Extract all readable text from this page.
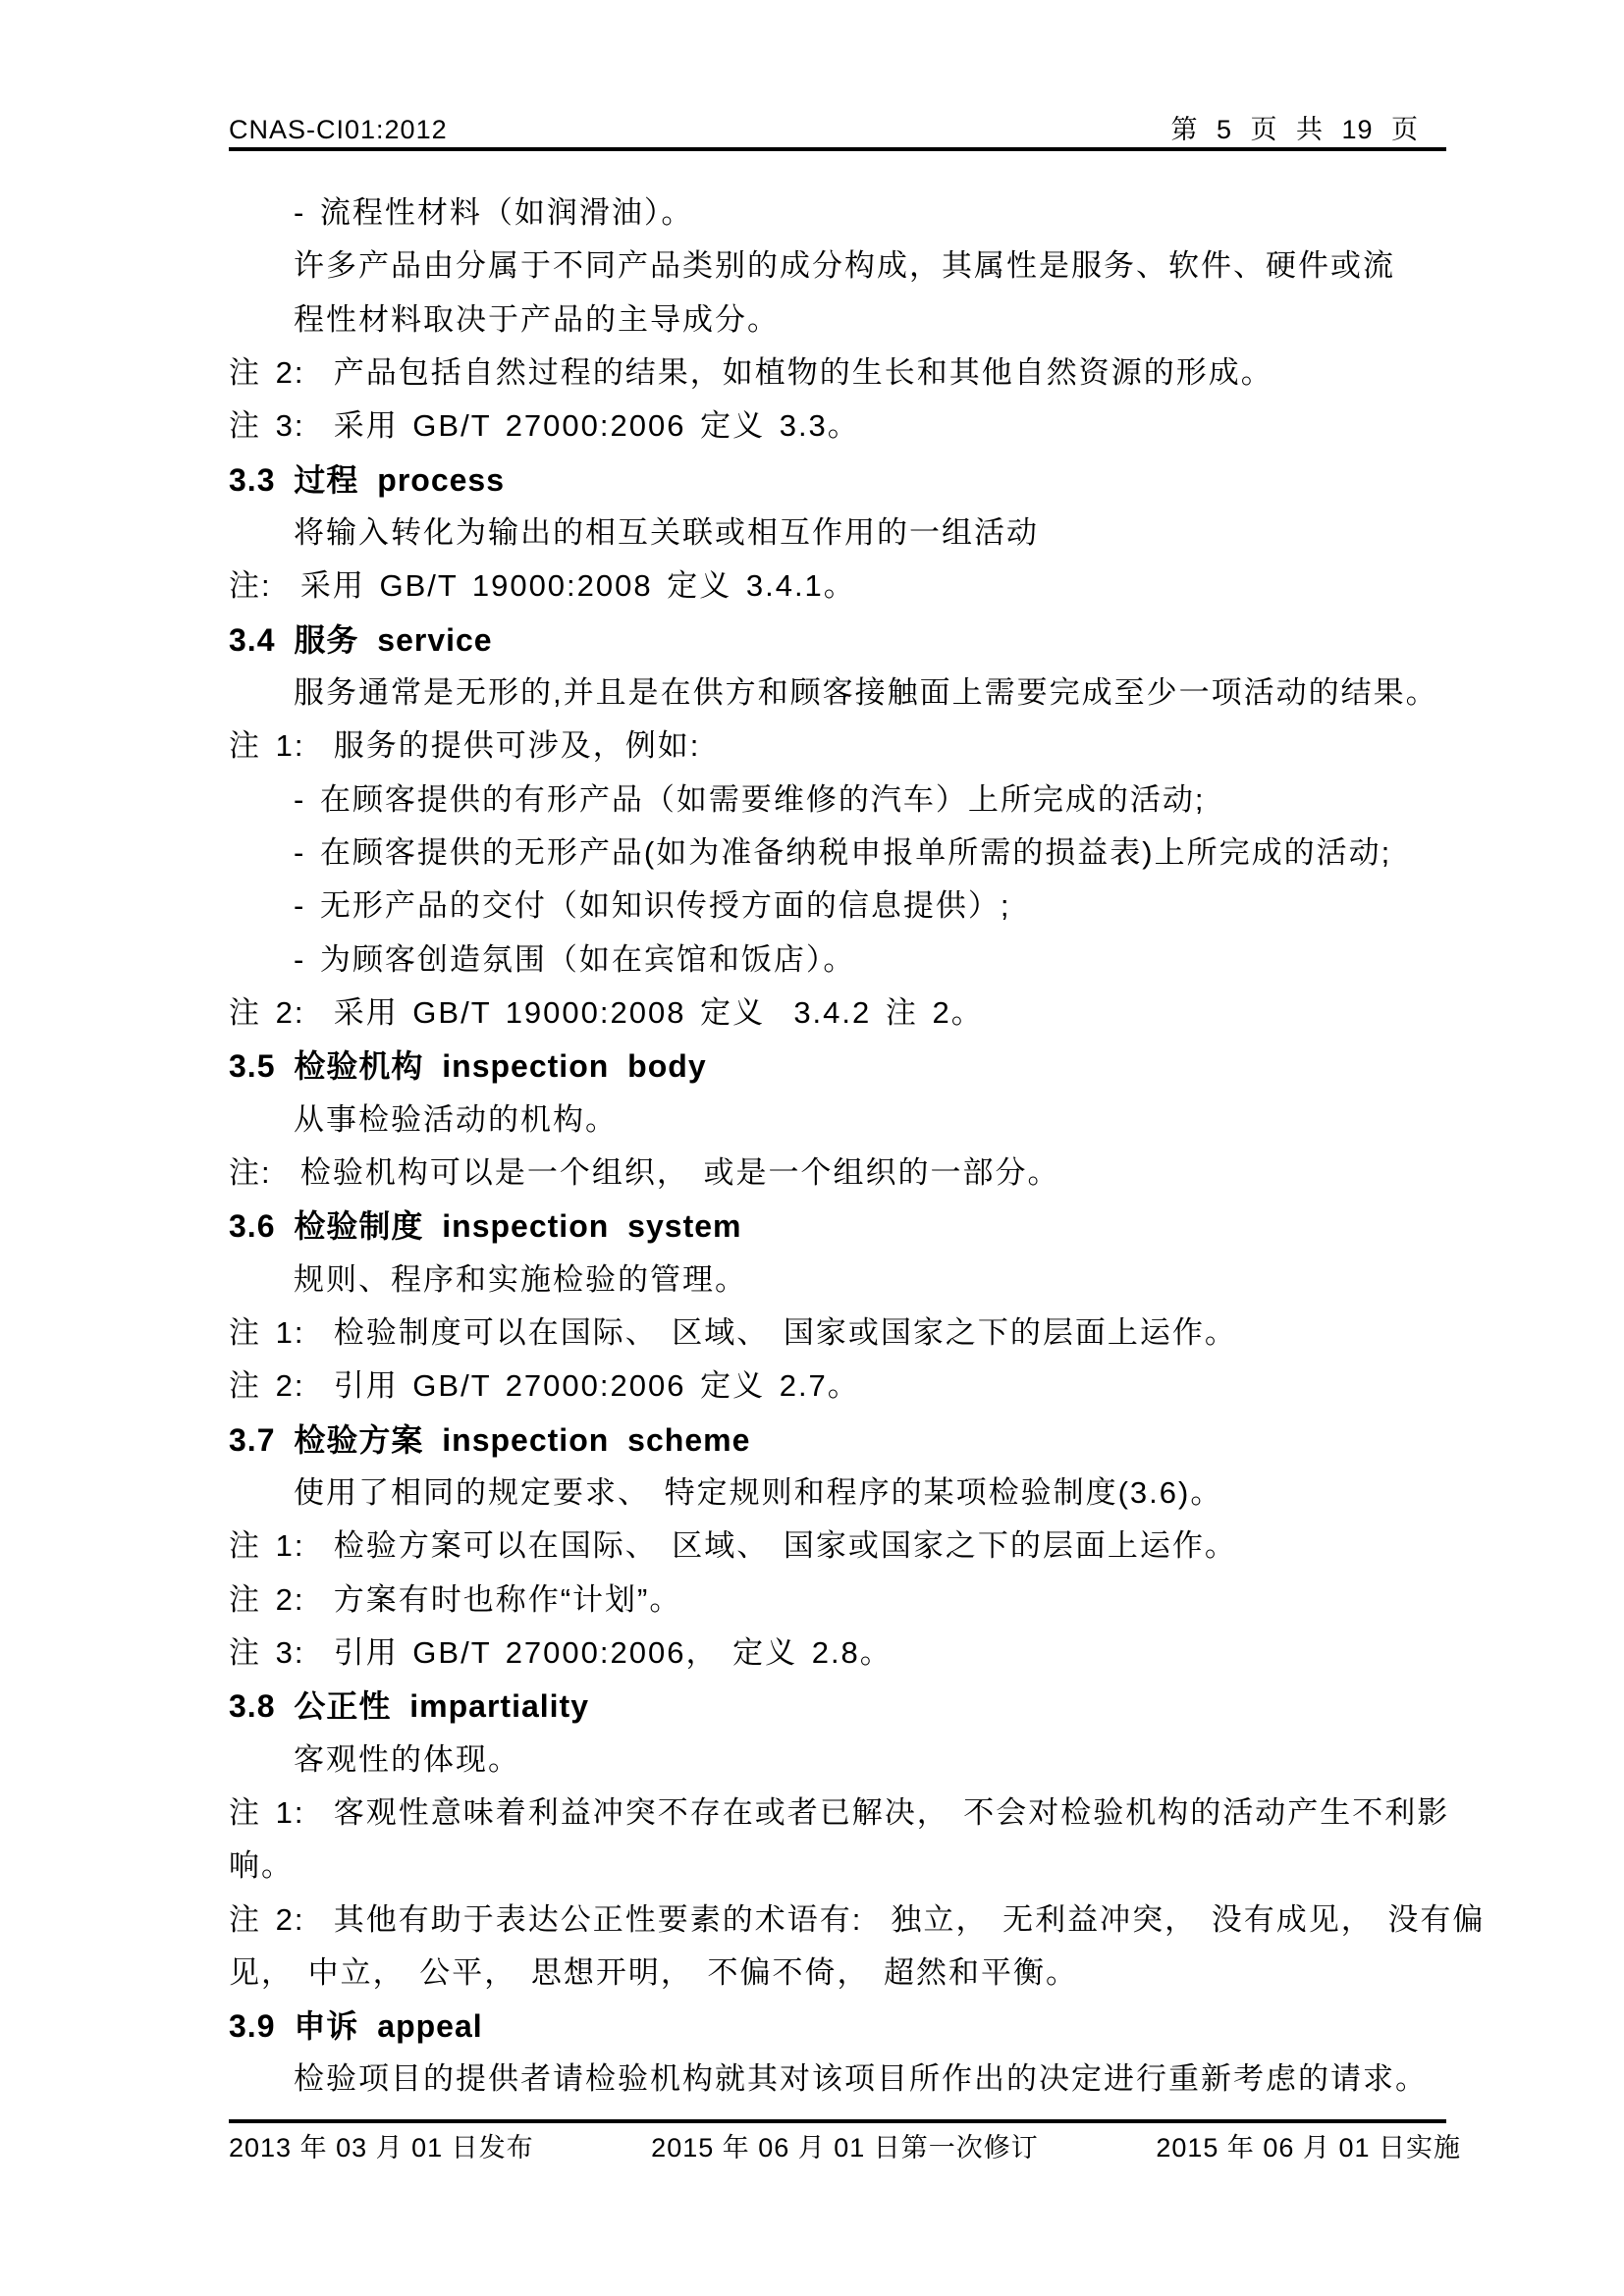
CNAS-CI01:2012	第 5 页 共 19 页
- 流程性材料（如润滑油）。
许多产品由分属于不同产品类别的成分构成，其属性是服务、软件、硬件或流
程性材料取决于产品的主导成分。
注 2:  产品包括自然过程的结果，如植物的生长和其他自然资源的形成。
注 3:  采用 GB/T 27000:2006 定义 3.3。
3.3 过程 process
将输入转化为输出的相互关联或相互作用的一组活动
注:  采用 GB/T 19000:2008 定义 3.4.1。
3.4 服务 service
服务通常是无形的,并且是在供方和顾客接触面上需要完成至少一项活动的结果。
注 1:  服务的提供可涉及，例如:
- 在顾客提供的有形产品（如需要维修的汽车）上所完成的活动;
- 在顾客提供的无形产品(如为准备纳税申报单所需的损益表)上所完成的活动;
- 无形产品的交付（如知识传授方面的信息提供）;
- 为顾客创造氛围（如在宾馆和饭店）。
注 2:  采用 GB/T 19000:2008 定义  3.4.2 注 2。
3.5 检验机构 inspection body
从事检验活动的机构。
注:  检验机构可以是一个组织， 或是一个组织的一部分。
3.6 检验制度 inspection system
规则、程序和实施检验的管理。
注 1:  检验制度可以在国际、 区域、 国家或国家之下的层面上运作。
注 2:  引用 GB/T 27000:2006 定义 2.7。
3.7 检验方案 inspection scheme
使用了相同的规定要求、 特定规则和程序的某项检验制度(3.6)。
注 1:  检验方案可以在国际、 区域、 国家或国家之下的层面上运作。
注 2:  方案有时也称作“计划”。
注 3:  引用 GB/T 27000:2006， 定义 2.8。
3.8 公正性 impartiality
客观性的体现。
注 1:  客观性意味着利益冲突不存在或者已解决， 不会对检验机构的活动产生不利影
响。
注 2:  其他有助于表达公正性要素的术语有:  独立， 无利益冲突， 没有成见， 没有偏
见， 中立， 公平， 思想开明， 不偏不倚， 超然和平衡。
3.9 申诉 appeal
检验项目的提供者请检验机构就其对该项目所作出的决定进行重新考虑的请求。
2013 年 03 月 01 日发布	2015 年 06 月 01 日第一次修订	2015 年 06 月 01 日实施
